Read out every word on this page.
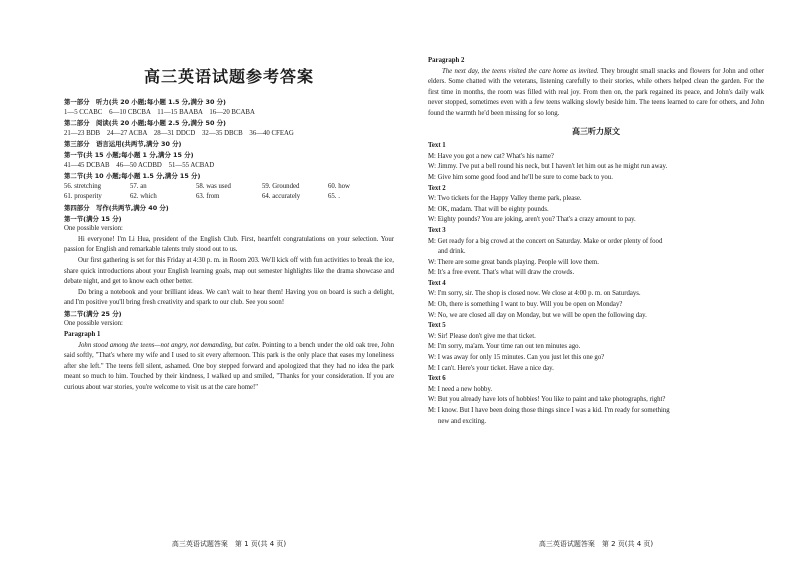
高三英语试题参考答案
第一部分　听力(共 20 小题;每小题 1.5 分,满分 30 分)
1—5 CCABC　6—10 CBCBA　11—15 BAABA　16—20 BCABA
第二部分　阅读(共 20 小题;每小题 2.5 分,满分 50 分)
21—23 BDB　24—27 ACBA　28—31 DDCD　32—35 DBCB　36—40 CFEAG
第三部分　语言运用(共两节,满分 30 分)
第一节(共 15 小题;每小题 1 分,满分 15 分)
41—45 DCBAB　46—50 ACDBD　51—55 ACBAD
第二节(共 10 小题;每小题 1.5 分,满分 15 分)
56. stretching	57. an	58. was used	59. Grounded	60. how
61. prosperity	62. which	63. from	64. accurately	65. .
第四部分　写作(共两节,满分 40 分)
第一节(满分 15 分)
One possible version:
Hi everyone! I'm Li Hua, president of the English Club. First, heartfelt congratulations on your selection. Your passion for English and remarkable talents truly stood out to us.
Our first gathering is set for this Friday at 4:30 p. m. in Room 203. We'll kick off with fun activities to break the ice, share quick introductions about your English learning goals, map out semester highlights like the drama showcase and debate night, and get to know each other better.
Do bring a notebook and your brilliant ideas. We can't wait to hear them! Having you on board is such a delight, and I'm positive you'll bring fresh creativity and spark to our club. See you soon!
第二节(满分 25 分)
One possible version:
Paragraph 1
John stood among the teens—not angry, not demanding, but calm. Pointing to a bench under the old oak tree, John said softly, "That's where my wife and I used to sit every afternoon. This park is the only place that eases my loneliness after she left." The teens fell silent, ashamed. One boy stepped forward and apologized that they had no idea the park meant so much to him. Touched by their kindness, I walked up and smiled, "Thanks for your consideration. If you are curious about war stories, you're welcome to visit us at the care home!"
高三英语试题答案　第 1 页(共 4 页)
Paragraph 2
The next day, the teens visited the care home as invited. They brought small snacks and flowers for John and other elders. Some chatted with the veterans, listening carefully to their stories, while others helped clean the garden. For the first time in months, the room was filled with real joy. From then on, the park regained its peace, and John's daily walk never stopped, sometimes even with a few teens walking slowly beside him. The teens learned to care for others, and John found the warmth he'd been missing for so long.
高三听力原文
Text 1
M: Have you got a new cat? What's his name?
W: Jimmy. I've put a bell round his neck, but I haven't let him out as he might run away.
M: Give him some good food and he'll be sure to come back to you.
Text 2
W: Two tickets for the Happy Valley theme park, please.
M: OK, madam. That will be eighty pounds.
W: Eighty pounds? You are joking, aren't you? That's a crazy amount to pay.
Text 3
M: Get ready for a big crowd at the concert on Saturday. Make or order plenty of food
and drink.
W: There are some great bands playing. People will love them.
M: It's a free event. That's what will draw the crowds.
Text 4
W: I'm sorry, sir. The shop is closed now. We close at 4:00 p. m. on Saturdays.
M: Oh, there is something I want to buy. Will you be open on Monday?
W: No, we are closed all day on Monday, but we will be open the following day.
Text 5
W: Sir! Please don't give me that ticket.
M: I'm sorry, ma'am. Your time ran out ten minutes ago.
W: I was away for only 15 minutes. Can you just let this one go?
M: I can't. Here's your ticket. Have a nice day.
Text 6
M: I need a new hobby.
W: But you already have lots of hobbies! You like to paint and take photographs, right?
M: I know. But I have been doing those things since I was a kid. I'm ready for something
new and exciting.
高三英语试题答案　第 2 页(共 4 页)
